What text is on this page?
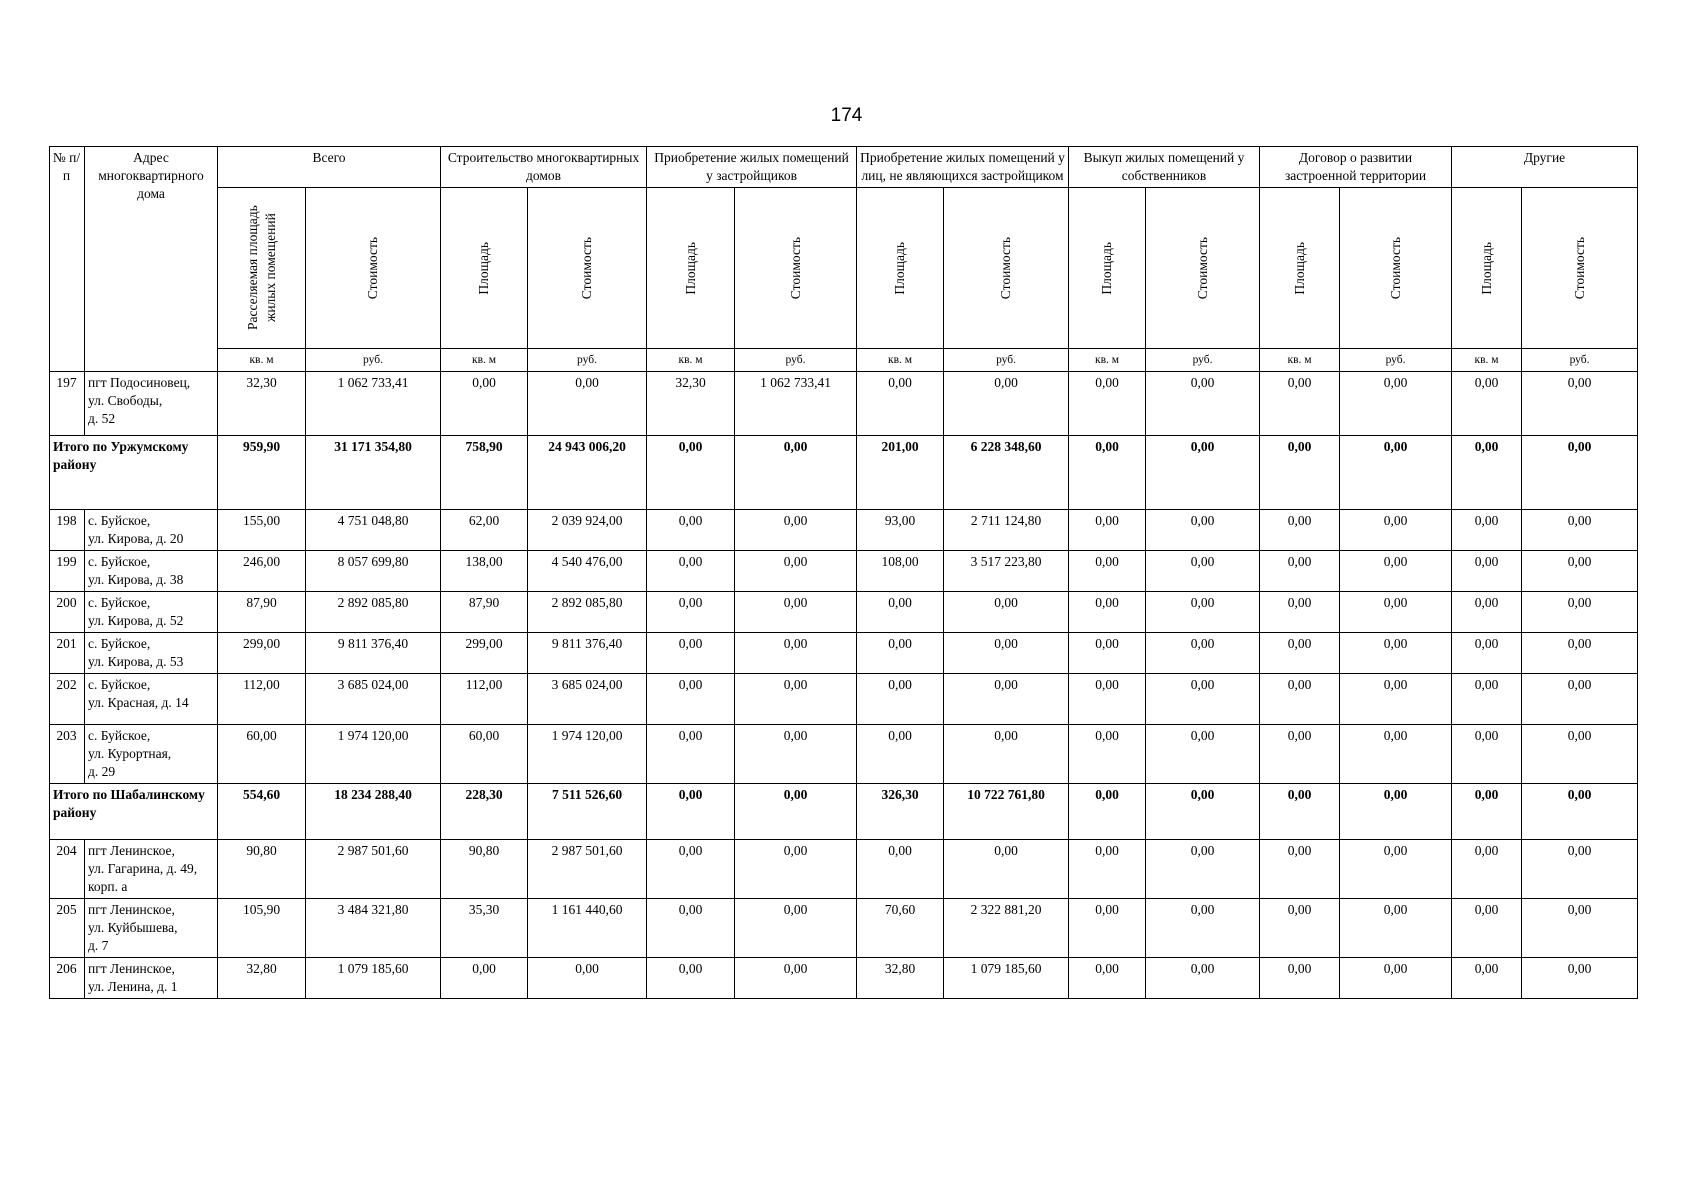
174
№ п/п	Адрес многоквартирного дома	Всего		Строительство многоквартирных домов		Приобретение жилых помещений у застройщиков		Приобретение жилых помещений у лиц, не являющихся застройщиком		Выкуп жилых помещений у собственников		Договор о развитии застроенной территории		Другие	

		Расселяемая площадь жилых помещений	Стоимость	Площадь	Стоимость	Площадь	Стоимость	Площадь	Стоимость	Площадь	Стоимость	Площадь	Стоимость	Площадь	Стоимость

		кв. м	руб.	кв. м	руб.	кв. м	руб.	кв. м	руб.	кв. м	руб.	кв. м	руб.	кв. м	руб.
197	пгт Подосиновец,
ул. Свободы,
д. 52	32,30	1 062 733,41	0,00	0,00	32,30	1 062 733,41	0,00	0,00	0,00	0,00	0,00	0,00	0,00	0,00
Итого по Уржумскому району		959,90	31 171 354,80	758,90	24 943 006,20	0,00	0,00	201,00	6 228 348,60	0,00	0,00	0,00	0,00	0,00	0,00
198	с. Буйское,
ул. Кирова, д. 20	155,00	4 751 048,80	62,00	2 039 924,00	0,00	0,00	93,00	2 711 124,80	0,00	0,00	0,00	0,00	0,00	0,00
199	с. Буйское,
ул. Кирова, д. 38	246,00	8 057 699,80	138,00	4 540 476,00	0,00	0,00	108,00	3 517 223,80	0,00	0,00	0,00	0,00	0,00	0,00
200	с. Буйское,
ул. Кирова, д. 52	87,90	2 892 085,80	87,90	2 892 085,80	0,00	0,00	0,00	0,00	0,00	0,00	0,00	0,00	0,00	0,00
201	с. Буйское,
ул. Кирова, д. 53	299,00	9 811 376,40	299,00	9 811 376,40	0,00	0,00	0,00	0,00	0,00	0,00	0,00	0,00	0,00	0,00
202	с. Буйское,
ул. Красная, д. 14	112,00	3 685 024,00	112,00	3 685 024,00	0,00	0,00	0,00	0,00	0,00	0,00	0,00	0,00	0,00	0,00
203	с. Буйское,
ул. Курортная,
д. 29	60,00	1 974 120,00	60,00	1 974 120,00	0,00	0,00	0,00	0,00	0,00	0,00	0,00	0,00	0,00	0,00
Итого по Шабалинскому району		554,60	18 234 288,40	228,30	7 511 526,60	0,00	0,00	326,30	10 722 761,80	0,00	0,00	0,00	0,00	0,00	0,00
204	пгт Ленинское,
ул. Гагарина, д. 49,
корп. а	90,80	2 987 501,60	90,80	2 987 501,60	0,00	0,00	0,00	0,00	0,00	0,00	0,00	0,00	0,00	0,00
205	пгт Ленинское,
ул. Куйбышева,
д. 7	105,90	3 484 321,80	35,30	1 161 440,60	0,00	0,00	70,60	2 322 881,20	0,00	0,00	0,00	0,00	0,00	0,00
206	пгт Ленинское,
ул. Ленина, д. 1	32,80	1 079 185,60	0,00	0,00	0,00	0,00	32,80	1 079 185,60	0,00	0,00	0,00	0,00	0,00	0,00
